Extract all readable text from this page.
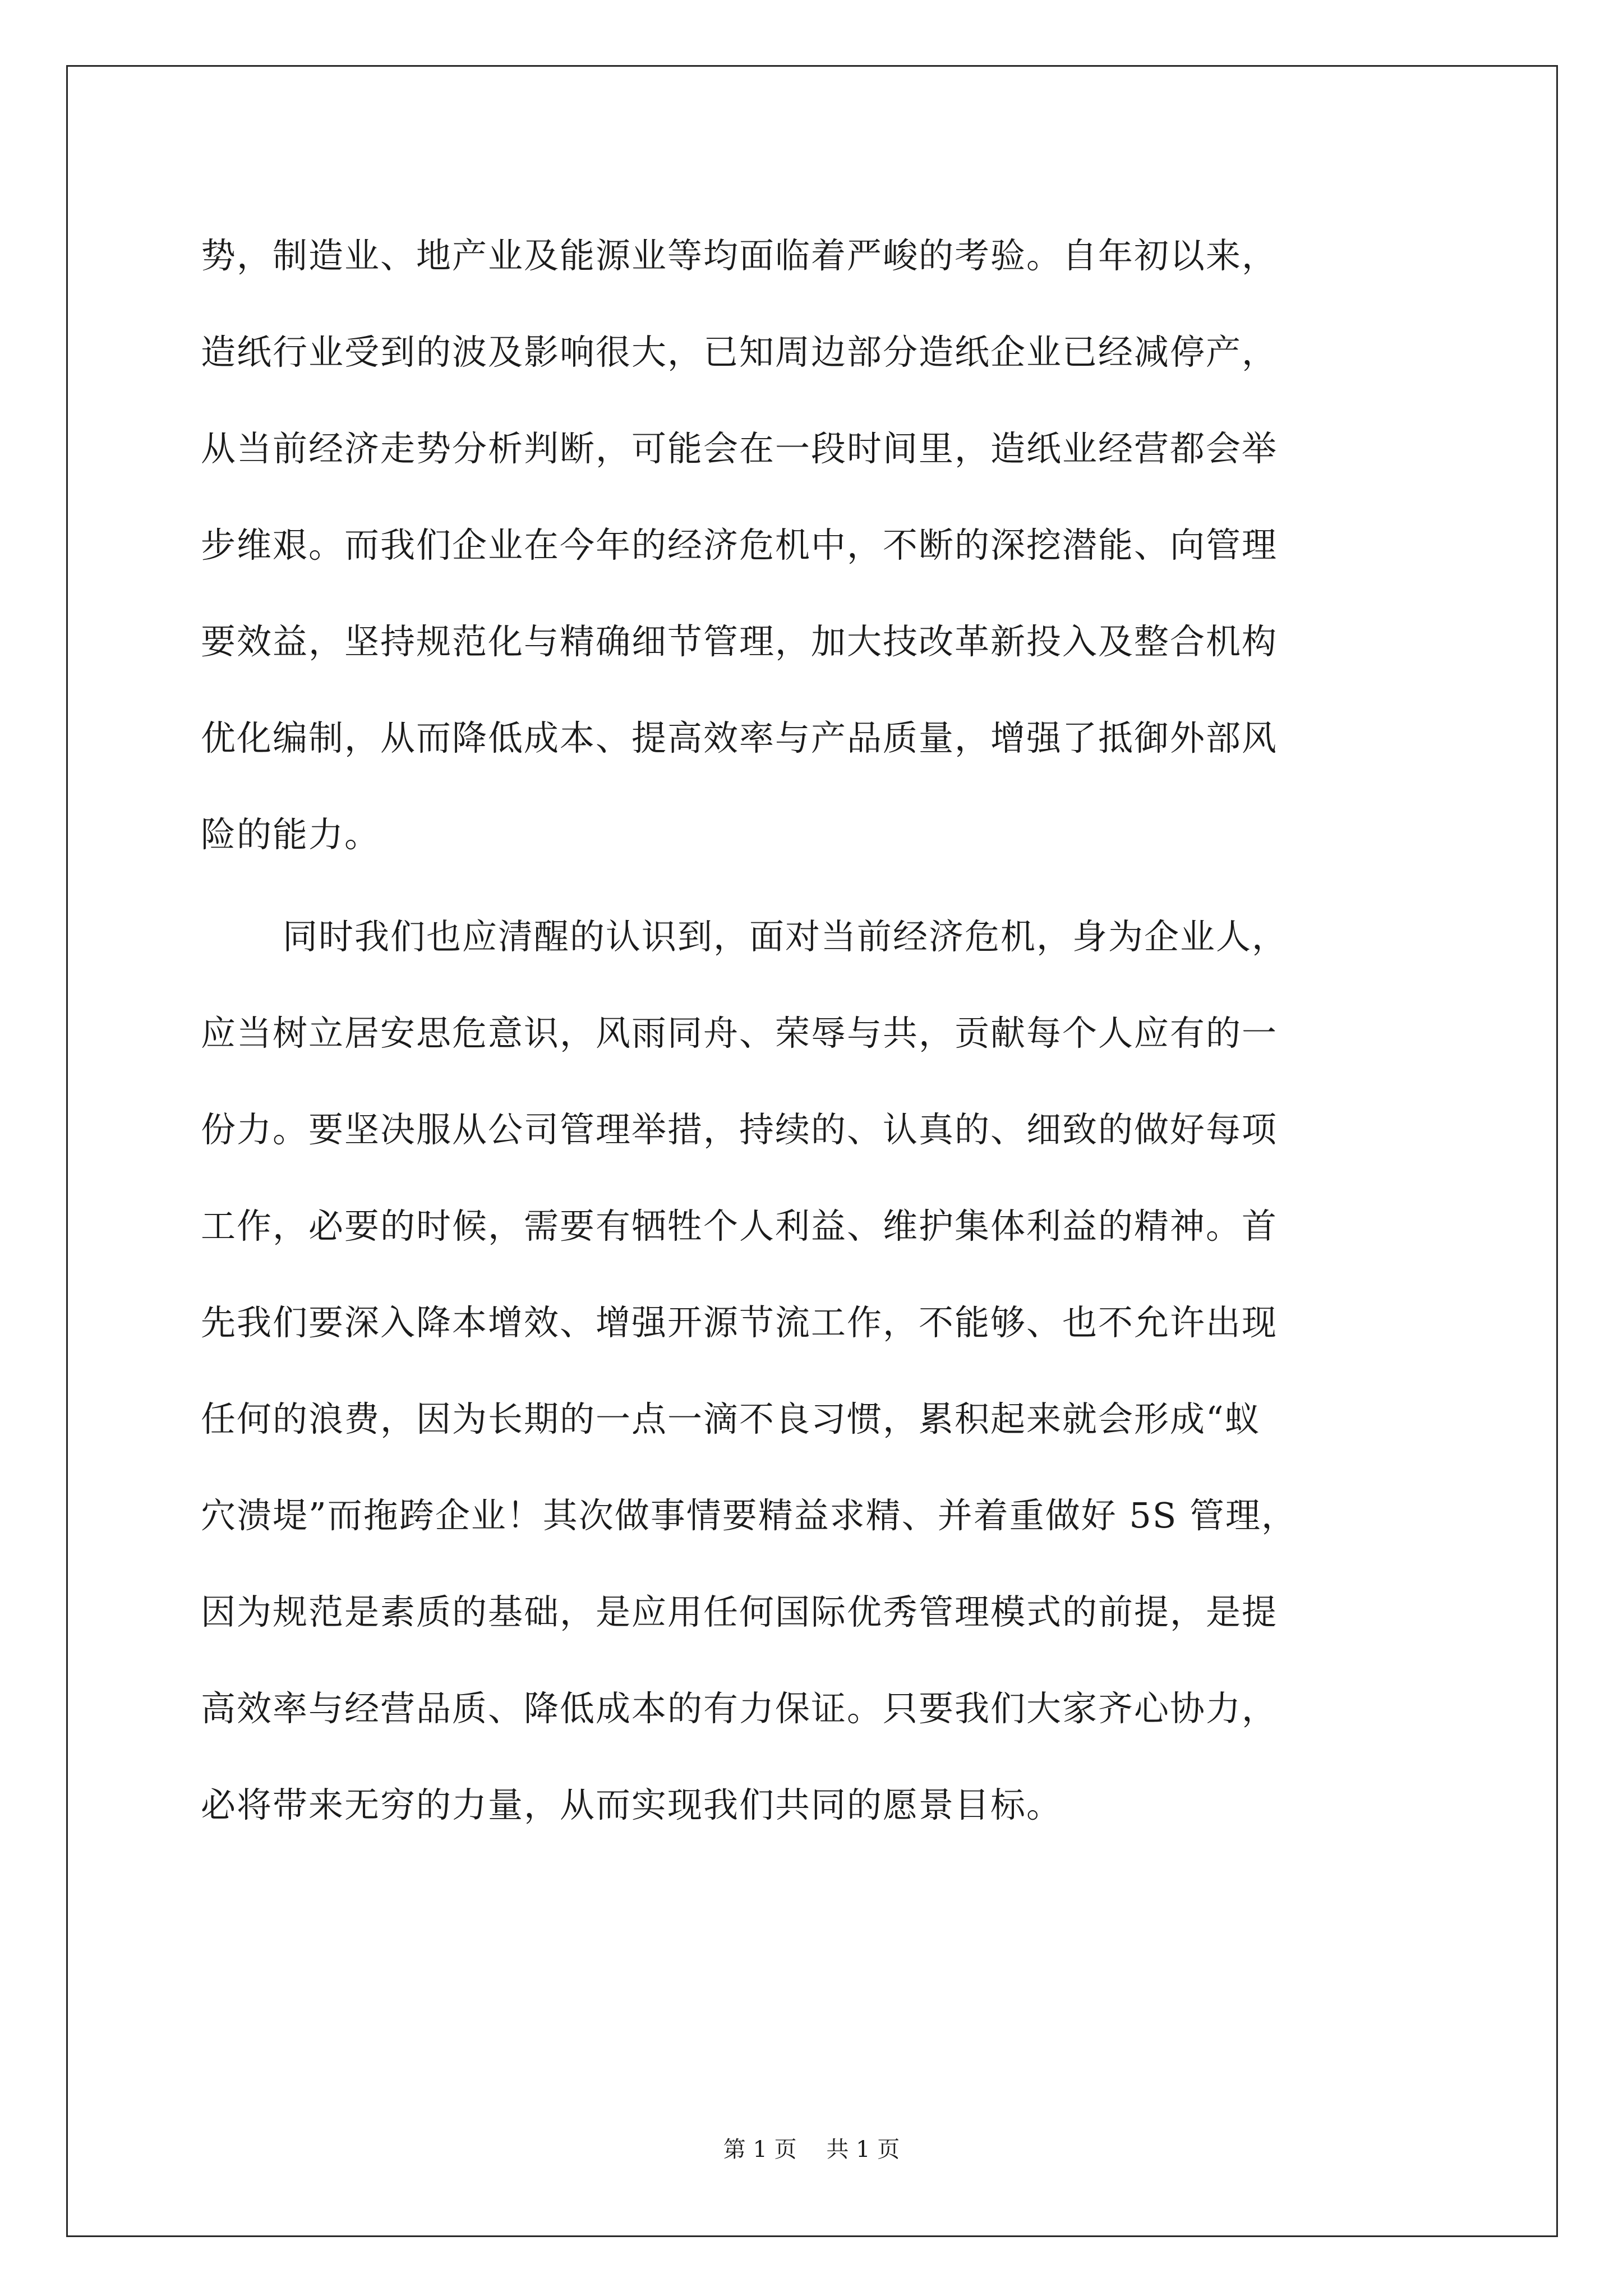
势，制造业、地产业及能源业等均面临着严峻的考验。自年初以来，
造纸行业受到的波及影响很大，已知周边部分造纸企业已经减停产，
从当前经济走势分析判断，可能会在一段时间里，造纸业经营都会举
步维艰。而我们企业在今年的经济危机中，不断的深挖潜能、向管理
要效益，坚持规范化与精确细节管理，加大技改革新投入及整合机构
优化编制，从而降低成本、提高效率与产品质量，增强了抵御外部风
险的能力。
同时我们也应清醒的认识到，面对当前经济危机，身为企业人，
应当树立居安思危意识，风雨同舟、荣辱与共，贡献每个人应有的一
份力。要坚决服从公司管理举措，持续的、认真的、细致的做好每项
工作，必要的时候，需要有牺牲个人利益、维护集体利益的精神。首
先我们要深入降本增效、增强开源节流工作，不能够、也不允许出现
任何的浪费，因为长期的一点一滴不良习惯，累积起来就会形成“蚁
穴溃堤”而拖跨企业！其次做事情要精益求精、并着重做好 5S 管理，
因为规范是素质的基础，是应用任何国际优秀管理模式的前提，是提
高效率与经营品质、降低成本的有力保证。只要我们大家齐心协力，
必将带来无穷的力量，从而实现我们共同的愿景目标。
第 1 页 共 1 页
